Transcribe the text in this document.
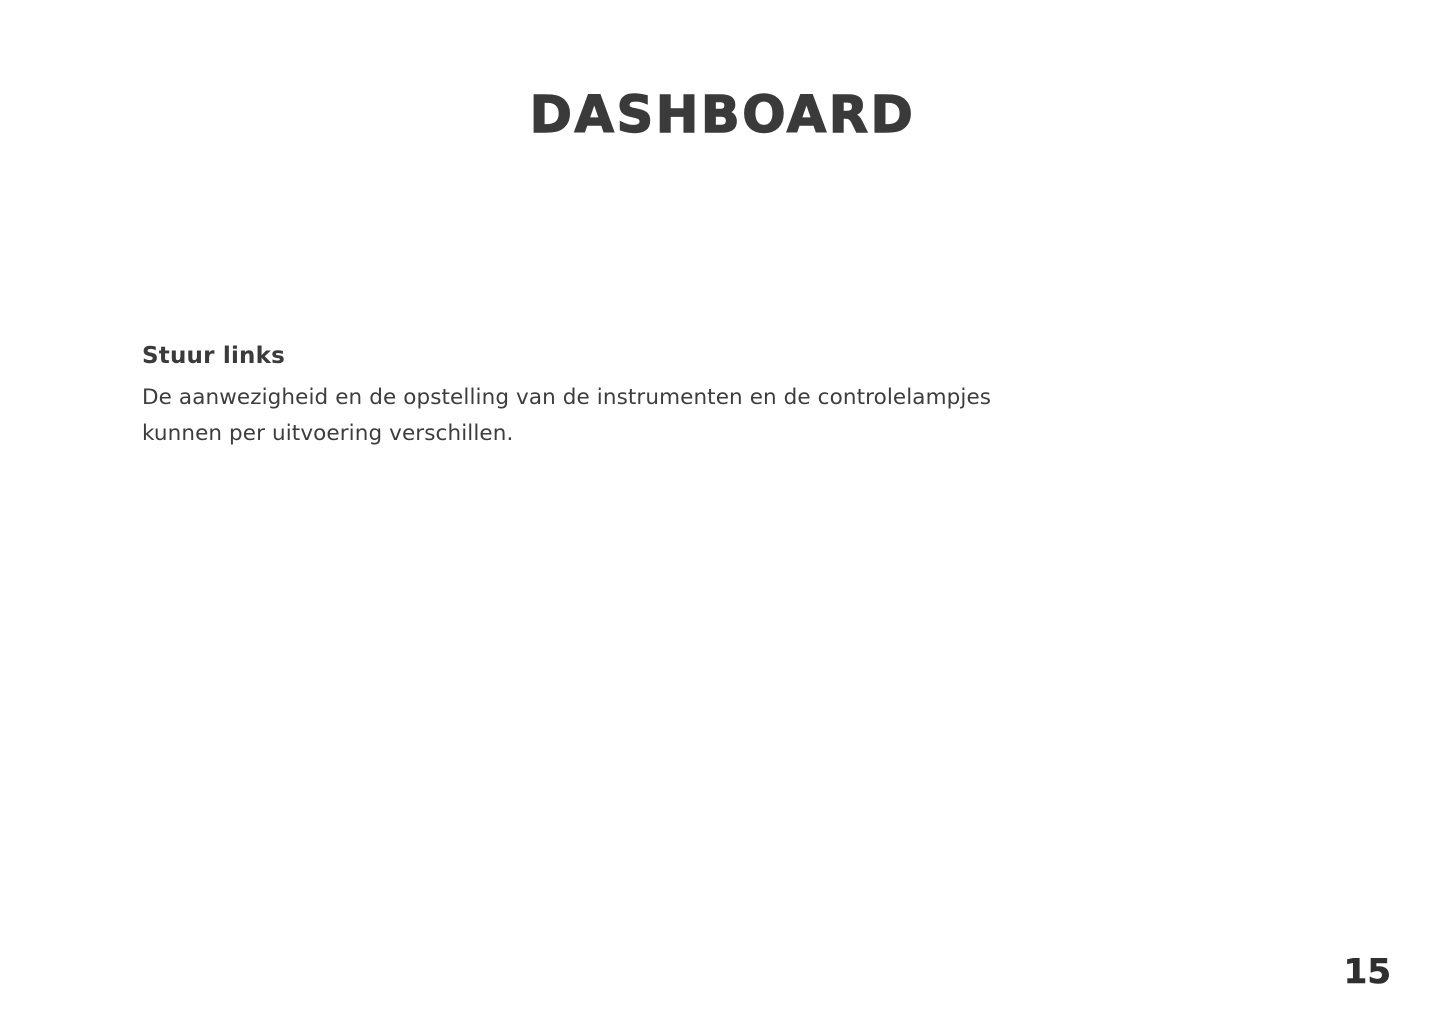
DASHBOARD
Stuur links
De aanwezigheid en de opstelling van de instrumenten en de controlelampjes
kunnen per uitvoering verschillen.
15
